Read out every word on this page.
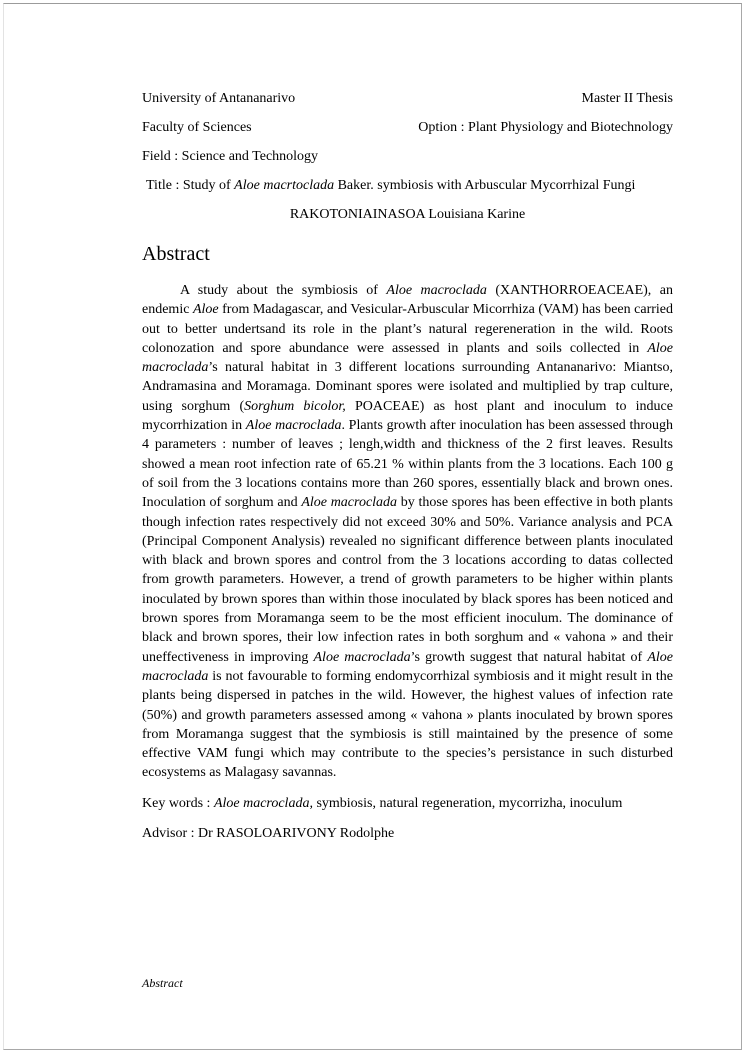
University of Antananarivo	Master II Thesis
Faculty of Sciences	Option : Plant Physiology and Biotechnology
Field : Science and Technology
Title : Study of Aloe macrtoclada Baker. symbiosis with Arbuscular Mycorrhizal Fungi
RAKOTONIAINASOA Louisiana Karine
Abstract

A study about the symbiosis of Aloe macroclada (XANTHORROEACEAE), an endemic Aloe from Madagascar, and Vesicular-Arbuscular Micorrhiza (VAM) has been carried out to better undertsand its role in the plant’s natural regereneration in the wild. Roots colonozation and spore abundance were assessed in plants and soils collected in Aloe macroclada’s natural habitat in 3 different locations surrounding Antananarivo: Miantso, Andramasina and Moramaga. Dominant spores were isolated and multiplied by trap culture, using sorghum (Sorghum bicolor, POACEAE) as host plant and inoculum to induce mycorrhization in Aloe macroclada. Plants growth after inoculation has been assessed through 4 parameters : number of leaves ; lengh,width and thickness of the 2 first leaves. Results showed a mean root infection rate of 65.21 % within plants from the 3 locations. Each 100 g of soil from the 3 locations contains more than 260 spores, essentially black and brown ones. Inoculation of sorghum and Aloe macroclada by those spores has been effective in both plants though infection rates respectively did not exceed 30% and 50%. Variance analysis and PCA (Principal Component Analysis) revealed no significant difference between plants inoculated with black and brown spores and control from the 3 locations according to datas collected from growth parameters. However, a trend of growth parameters to be higher within plants inoculated by brown spores than within those inoculated by black spores has been noticed and brown spores from Moramanga seem to be the most efficient inoculum. The dominance of black and brown spores, their low infection rates in both sorghum and « vahona » and their uneffectiveness in improving Aloe macroclada’s growth suggest that natural habitat of Aloe macroclada is not favourable to forming endomycorrhizal symbiosis and it might result in the plants being dispersed in patches in the wild. However, the highest values of infection rate (50%) and growth parameters assessed among « vahona » plants inoculated by brown spores from Moramanga suggest that the symbiosis is still maintained by the presence of some effective VAM fungi which may contribute to the species’s persistance in such disturbed ecosystems as Malagasy savannas.

Key words : Aloe macroclada, symbiosis, natural regeneration, mycorrizha, inoculum
Advisor : Dr RASOLOARIVONY Rodolphe
Abstract
